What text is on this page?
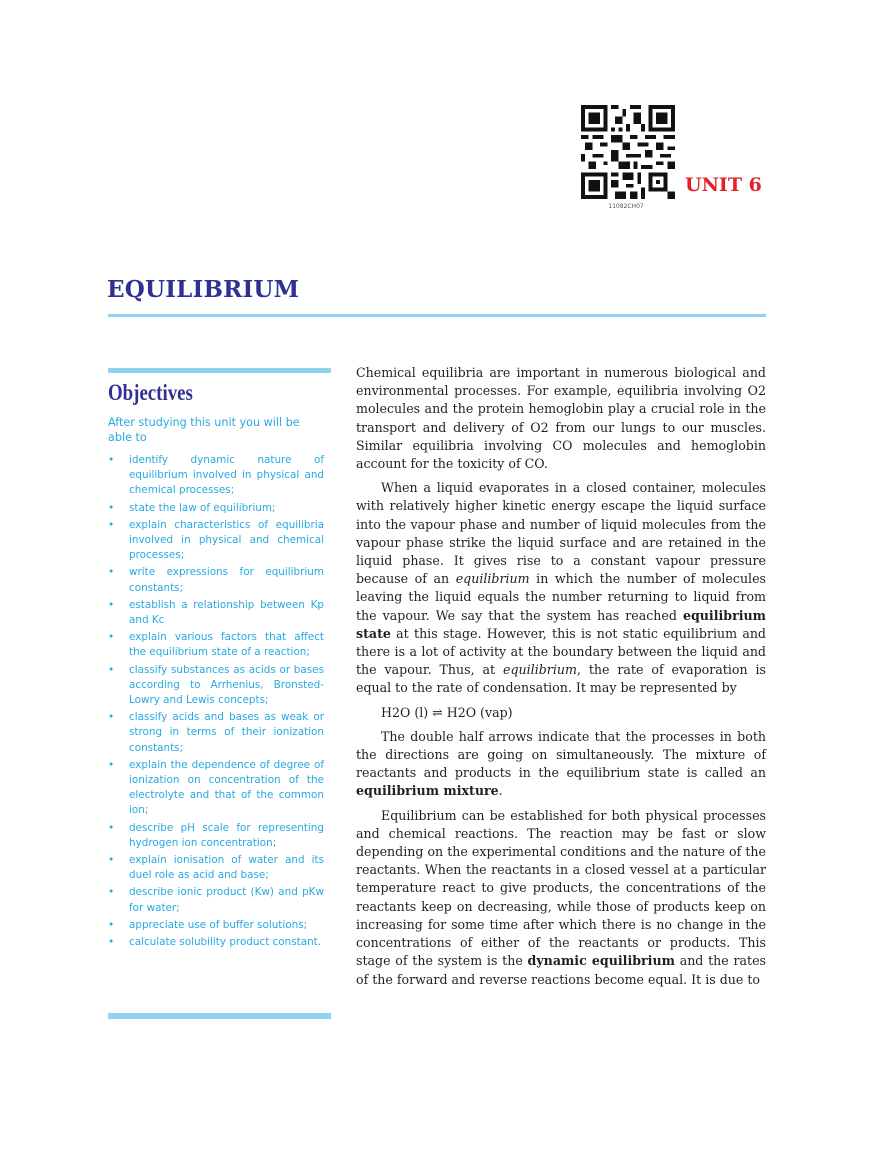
11082CH07
UNIT 6
EQUILIBRIUM
Objectives
After studying this unit you will be able to
• identify dynamic nature of equilibrium involved in physical and chemical processes;
• state the law of equilibrium;
• explain characteristics of equilibria involved in physical and chemical processes;
• write expressions for equilibrium constants;
• establish a relationship between Kp and Kc
• explain various factors that affect the equilibrium state of a reaction;
• classify substances as acids or bases according to Arrhenius, Bronsted-Lowry and Lewis concepts;
• classify acids and bases as weak or strong in terms of their ionization constants;
• explain the dependence of degree of ionization on concentration of the electrolyte and that of the common ion;
• describe pH scale for representing hydrogen ion concentration;
• explain ionisation of water and its duel role as acid and base;
• describe ionic product (Kw) and pKw for water;
• appreciate use of buffer solutions;
• calculate solubility product constant.

Chemical equilibria are important in numerous biological and environmental processes. For example, equilibria involving O2 molecules and the protein hemoglobin play a crucial role in the transport and delivery of O2 from our lungs to our muscles. Similar equilibria involving CO molecules and hemoglobin account for the toxicity of CO.

When a liquid evaporates in a closed container, molecules with relatively higher kinetic energy escape the liquid surface into the vapour phase and number of liquid molecules from the vapour phase strike the liquid surface and are retained in the liquid phase. It gives rise to a constant vapour pressure because of an equilibrium in which the number of molecules leaving the liquid equals the number returning to liquid from the vapour. We say that the system has reached equilibrium state at this stage. However, this is not static equilibrium and there is a lot of activity at the boundary between the liquid and the vapour. Thus, at equilibrium, the rate of evaporation is equal to the rate of condensation. It may be represented by

H2O (l) ⇌ H2O (vap)

The double half arrows indicate that the processes in both the directions are going on simultaneously. The mixture of reactants and products in the equilibrium state is called an equilibrium mixture.

Equilibrium can be established for both physical processes and chemical reactions. The reaction may be fast or slow depending on the experimental conditions and the nature of the reactants. When the reactants in a closed vessel at a particular temperature react to give products, the concentrations of the reactants keep on decreasing, while those of products keep on increasing for some time after which there is no change in the concentrations of either of the reactants or products. This stage of the system is the dynamic equilibrium and the rates of the forward and reverse reactions become equal. It is due to
